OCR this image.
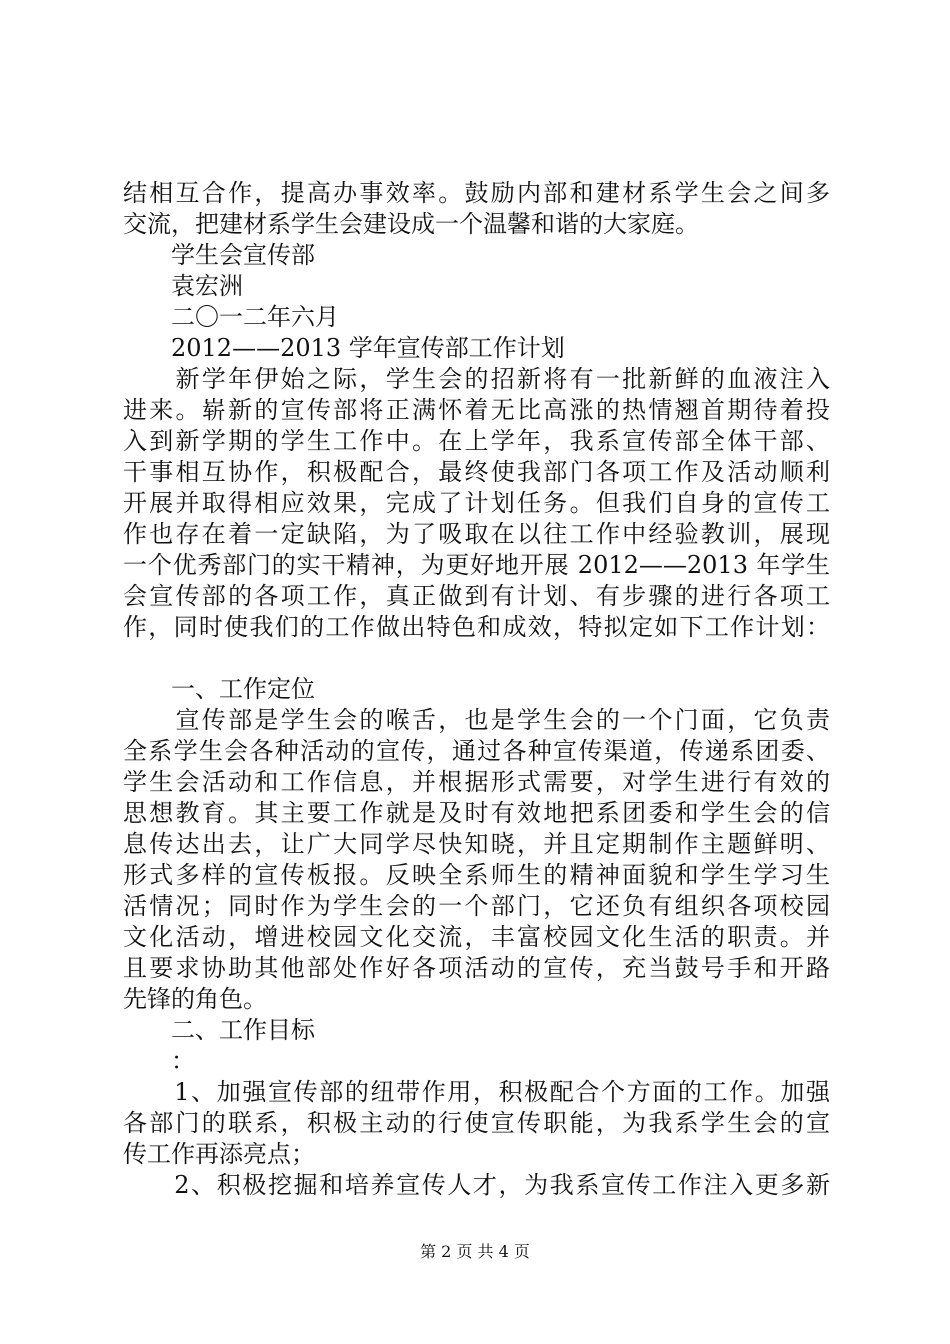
结相互合作，提高办事效率。鼓励内部和建材系学生会之间多
交流，把建材系学生会建设成一个温馨和谐的大家庭。
　　学生会宣传部
　　袁宏洲
　　二〇一二年六月
　　2012——2013 学年宣传部工作计划
　　新学年伊始之际，学生会的招新将有一批新鲜的血液注入
进来。崭新的宣传部将正满怀着无比高涨的热情翘首期待着投
入到新学期的学生工作中。在上学年，我系宣传部全体干部、
干事相互协作，积极配合，最终使我部门各项工作及活动顺利
开展并取得相应效果，完成了计划任务。但我们自身的宣传工
作也存在着一定缺陷，为了吸取在以往工作中经验教训，展现
一个优秀部门的实干精神，为更好地开展 2012——2013 年学生
会宣传部的各项工作，真正做到有计划、有步骤的进行各项工
作，同时使我们的工作做出特色和成效，特拟定如下工作计划：
　　一、工作定位
　　宣传部是学生会的喉舌，也是学生会的一个门面，它负责
全系学生会各种活动的宣传，通过各种宣传渠道，传递系团委、
学生会活动和工作信息，并根据形式需要，对学生进行有效的
思想教育。其主要工作就是及时有效地把系团委和学生会的信
息传达出去，让广大同学尽快知晓，并且定期制作主题鲜明、
形式多样的宣传板报。反映全系师生的精神面貌和学生学习生
活情况；同时作为学生会的一个部门，它还负有组织各项校园
文化活动，增进校园文化交流，丰富校园文化生活的职责。并
且要求协助其他部处作好各项活动的宣传，充当鼓号手和开路
先锋的角色。
　　二、工作目标
　　：
　　1、加强宣传部的纽带作用，积极配合个方面的工作。加强
各部门的联系，积极主动的行使宣传职能，为我系学生会的宣
传工作再添亮点；
　　2、积极挖掘和培养宣传人才，为我系宣传工作注入更多新
第 2 页 共 4 页
